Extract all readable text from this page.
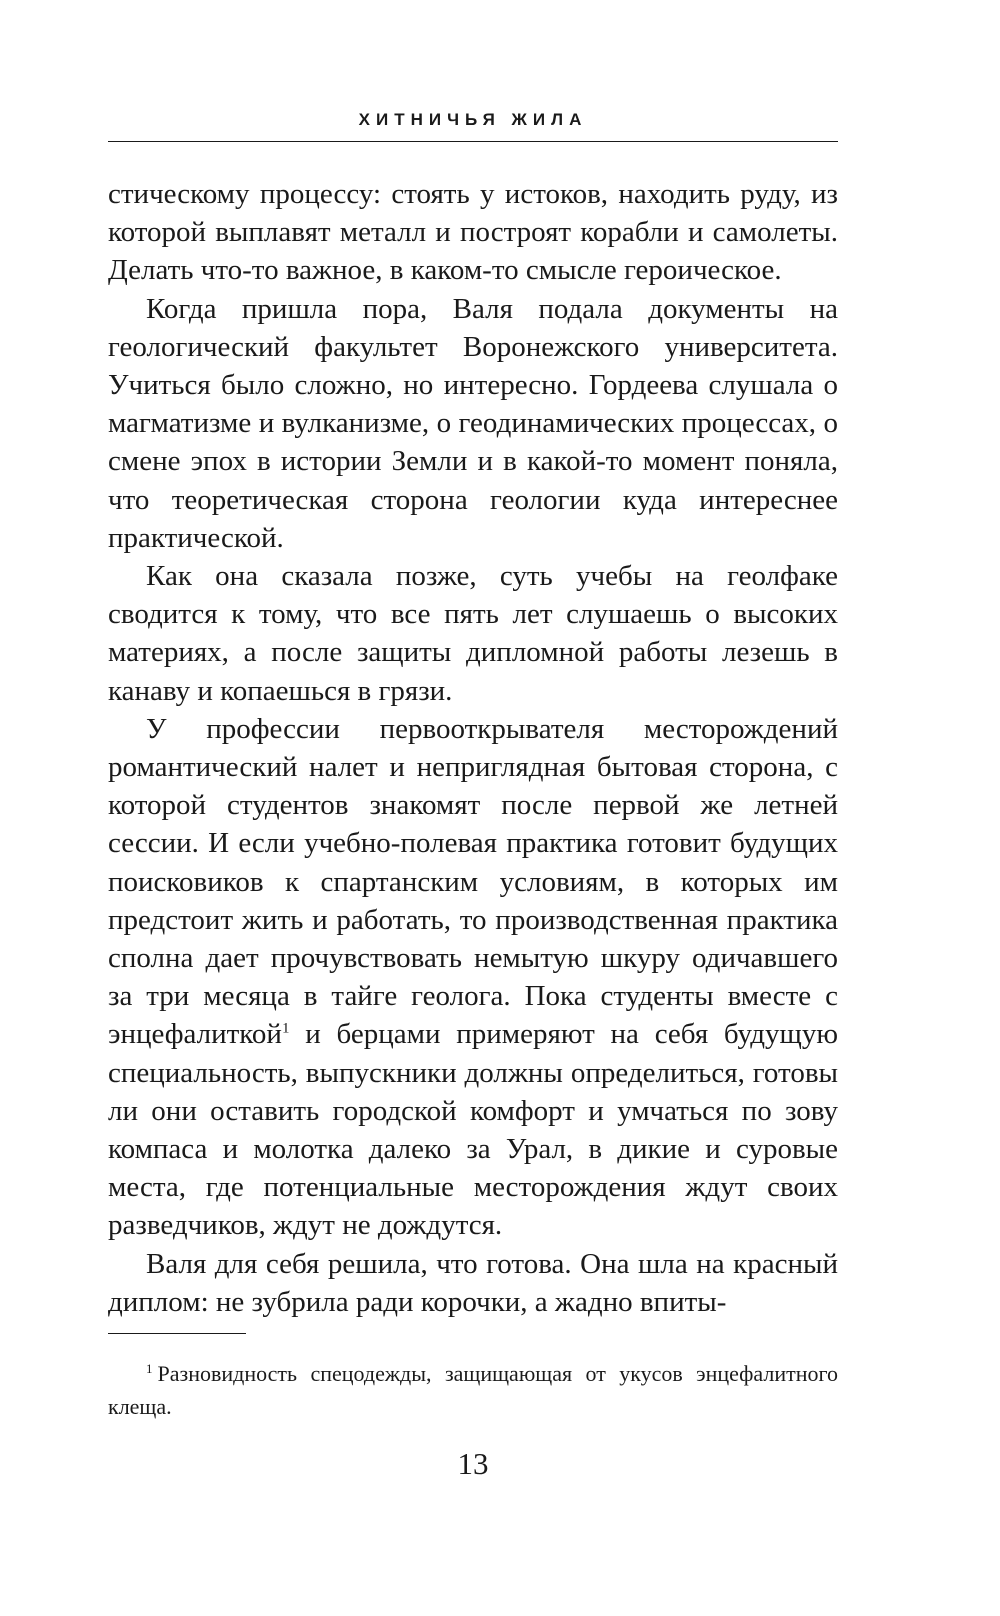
ХИТНИЧЬЯ ЖИЛА

стическому процессу: стоять у истоков, находить руду, из которой выплавят металл и построят корабли и самолеты. Делать что-то важное, в каком-то смысле героическое.

Когда пришла пора, Валя подала документы на геологический факультет Воронежского университета. Учиться было сложно, но интересно. Гордеева слушала о магматизме и вулканизме, о геодинамических процессах, о смене эпох в истории Земли и в какой-то момент поняла, что теоретическая сторона геологии куда интереснее практической.

Как она сказала позже, суть учебы на геолфаке сводится к тому, что все пять лет слушаешь о высоких материях, а после защиты дипломной работы лезешь в канаву и копаешься в грязи.

У профессии первооткрывателя месторождений романтический налет и неприглядная бытовая сторона, с которой студентов знакомят после первой же летней сессии. И если учебно-полевая практика готовит будущих поисковиков к спартанским условиям, в которых им предстоит жить и работать, то производственная практика сполна дает прочувствовать немытую шкуру одичавшего за три месяца в тайге геолога. Пока студенты вместе с энцефалиткой$^1$ и берцами примеряют на себя будущую специальность, выпускники должны определиться, готовы ли они оставить городской комфорт и умчаться по зову компаса и молотка далеко за Урал, в дикие и суровые места, где потенциальные месторождения ждут своих разведчиков, ждут не дождутся.

Валя для себя решила, что готова. Она шла на красный диплом: не зубрила ради корочки, а жадно впиты-

$^1$ Разновидность спецодежды, защищающая от укусов энцефалитного клеща.
13
